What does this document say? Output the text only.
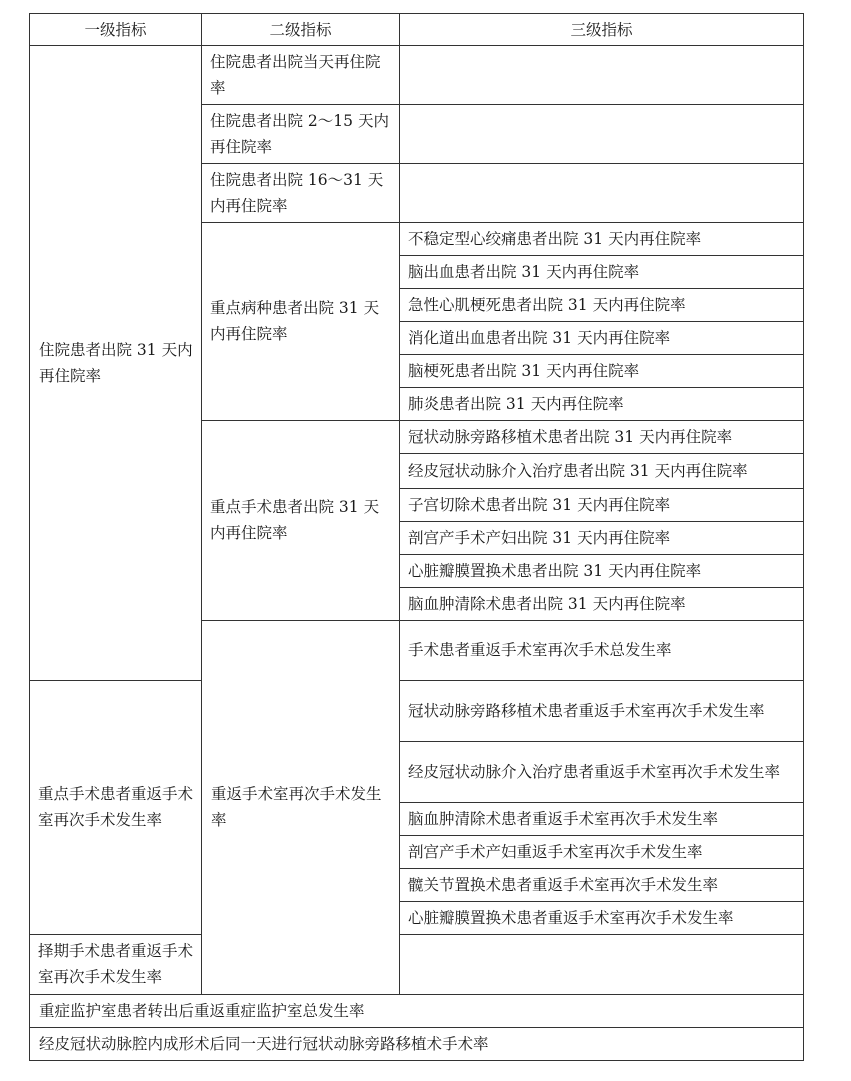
一级指标	二级指标	三级指标	
住院患者出院 31 天内再住院率	住院患者出院当天再住院率		
	住院患者出院 2～15 天内再住院率		
	住院患者出院 16～31 天内再住院率		
	重点病种患者出院 31 天内再住院率	不稳定型心绞痛患者出院 31 天内再住院率	
		脑出血患者出院 31 天内再住院率	
		急性心肌梗死患者出院 31 天内再住院率	
		消化道出血患者出院 31 天内再住院率	
		脑梗死患者出院 31 天内再住院率	
		肺炎患者出院 31 天内再住院率	
	重点手术患者出院 31 天内再住院率	冠状动脉旁路移植术患者出院 31 天内再住院率	
		经皮冠状动脉介入治疗患者出院 31 天内再住院率	
		子宫切除术患者出院 31 天内再住院率	
		剖宫产手术产妇出院 31 天内再住院率	
		心脏瓣膜置换术患者出院 31 天内再住院率	
		脑血肿清除术患者出院 31 天内再住院率	
	重返手术室再次手术发生率	手术患者重返手术室再次手术总发生率	
重点手术患者重返手术室再次手术发生率		冠状动脉旁路移植术患者重返手术室再次手术发生率	
		经皮冠状动脉介入治疗患者重返手术室再次手术发生率	
		脑血肿清除术患者重返手术室再次手术发生率	
		剖宫产手术产妇重返手术室再次手术发生率	
		髋关节置换术患者重返手术室再次手术发生率	
		心脏瓣膜置换术患者重返手术室再次手术发生率	
择期手术患者重返手术室再次手术发生率			
重症监护室患者转出后重返重症监护室总发生率			
经皮冠状动脉腔内成形术后同一天进行冠状动脉旁路移植术手术率			
